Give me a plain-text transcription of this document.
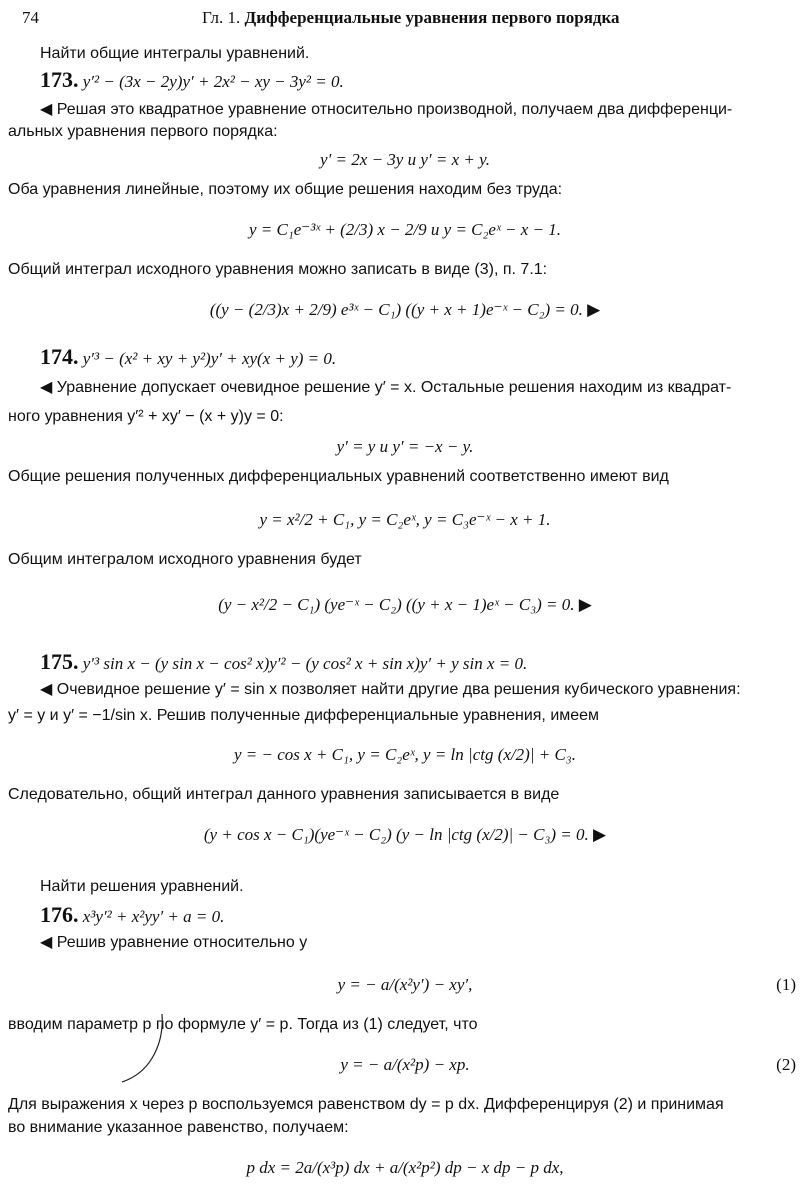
74	Гл. 1. Дифференциальные уравнения первого порядка
Найти общие интегралы уравнений.
173. y′² − (3x − 2y)y′ + 2x² − xy − 3y² = 0.
◀ Решая это квадратное уравнение относительно производной, получаем два дифференци-
альных уравнения первого порядка:
y′ = 2x − 3y и y′ = x + y.
Оба уравнения линейные, поэтому их общие решения находим без труда:
y = C₁e⁻³ˣ + (2/3) x − 2/9 и y = C₂eˣ − x − 1.
Общий интеграл исходного уравнения можно записать в виде (3), п. 7.1:
((y − (2/3)x + 2/9) e³ˣ − C₁) ((y + x + 1)e⁻ˣ − C₂) = 0. ▶
174. y′³ − (x² + xy + y²)y′ + xy(x + y) = 0.
◀ Уравнение допускает очевидное решение y′ = x. Остальные решения находим из квадрат-
ного уравнения y′² + xy′ − (x + y)y = 0:
y′ = y и y′ = −x − y.
Общие решения полученных дифференциальных уравнений соответственно имеют вид
y = x²/2 + C₁, y = C₂eˣ, y = C₃e⁻ˣ − x + 1.
Общим интегралом исходного уравнения будет
(y − x²/2 − C₁) (ye⁻ˣ − C₂) ((y + x − 1)eˣ − C₃) = 0. ▶
175. y′³ sin x − (y sin x − cos² x)y′² − (y cos² x + sin x)y′ + y sin x = 0.
◀ Очевидное решение y′ = sin x позволяет найти другие два решения кубического уравнения:
y′ = y и y′ = −1/sin x. Решив полученные дифференциальные уравнения, имеем
y = − cos x + C₁, y = C₂eˣ, y = ln |ctg (x/2)| + C₃.
Следовательно, общий интеграл данного уравнения записывается в виде
(y + cos x − C₁)(ye⁻ˣ − C₂) (y − ln |ctg (x/2)| − C₃) = 0. ▶
Найти решения уравнений.
176. x³y′² + x²yy′ + a = 0.
◀ Решив уравнение относительно y
y = − a/(x²y′) − xy′,	(1)
вводим параметр p по формуле y′ = p. Тогда из (1) следует, что
y = − a/(x²p) − xp.	(2)
Для выражения x через p воспользуемся равенством dy = p dx. Дифференцируя (2) и принимая
во внимание указанное равенство, получаем:
p dx = 2a/(x³p) dx + a/(x²p²) dp − x dp − p dx,
